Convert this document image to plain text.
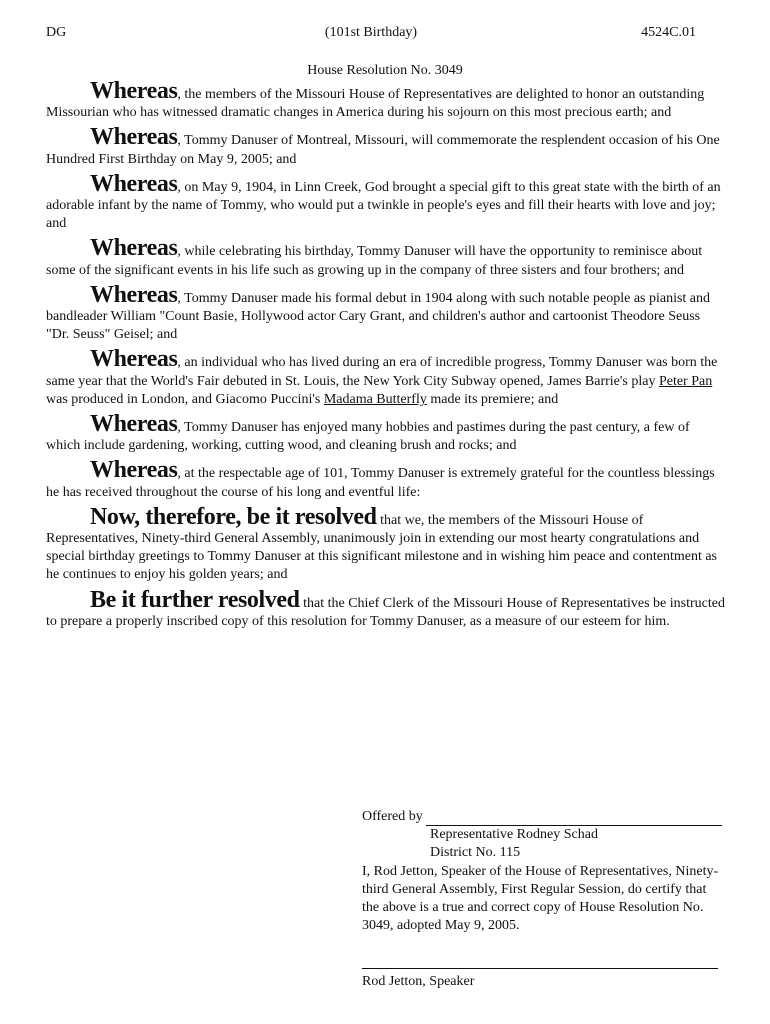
DG	(101st Birthday)	4524C.01
House Resolution No. 3049

Whereas, the members of the Missouri House of Representatives are delighted to honor an outstanding Missourian who has witnessed dramatic changes in America during his sojourn on this most precious earth; and

Whereas, Tommy Danuser of Montreal, Missouri, will commemorate the resplendent occasion of his One Hundred First Birthday on May 9, 2005; and

Whereas, on May 9, 1904, in Linn Creek, God brought a special gift to this great state with the birth of an adorable infant by the name of Tommy, who would put a twinkle in people's eyes and fill their hearts with love and joy; and

Whereas, while celebrating his birthday, Tommy Danuser will have the opportunity to reminisce about some of the significant events in his life such as growing up in the company of three sisters and four brothers; and

Whereas, Tommy Danuser made his formal debut in 1904 along with such notable people as pianist and bandleader William "Count Basie, Hollywood actor Cary Grant, and children's author and cartoonist Theodore Seuss "Dr. Seuss" Geisel; and

Whereas, an individual who has lived during an era of incredible progress, Tommy Danuser was born the same year that the World's Fair debuted in St. Louis, the New York City Subway opened, James Barrie's play Peter Pan was produced in London, and Giacomo Puccini's Madama Butterfly made its premiere; and

Whereas, Tommy Danuser has enjoyed many hobbies and pastimes during the past century, a few of which include gardening, working, cutting wood, and cleaning brush and rocks; and

Whereas, at the respectable age of 101, Tommy Danuser is extremely grateful for the countless blessings he has received throughout the course of his long and eventful life:

Now, therefore, be it resolved that we, the members of the Missouri House of Representatives, Ninety-third General Assembly, unanimously join in extending our most hearty congratulations and special birthday greetings to Tommy Danuser at this significant milestone and in wishing him peace and contentment as he continues to enjoy his golden years; and

Be it further resolved that the Chief Clerk of the Missouri House of Representatives be instructed to prepare a properly inscribed copy of this resolution for Tommy Danuser, as a measure of our esteem for him.

Offered by
Representative Rodney Schad
District No. 115
I, Rod Jetton, Speaker of the House of Representatives, Ninety-third General Assembly, First Regular Session, do certify that the above is a true and correct copy of House Resolution No. 3049, adopted May 9, 2005.
Rod Jetton, Speaker
